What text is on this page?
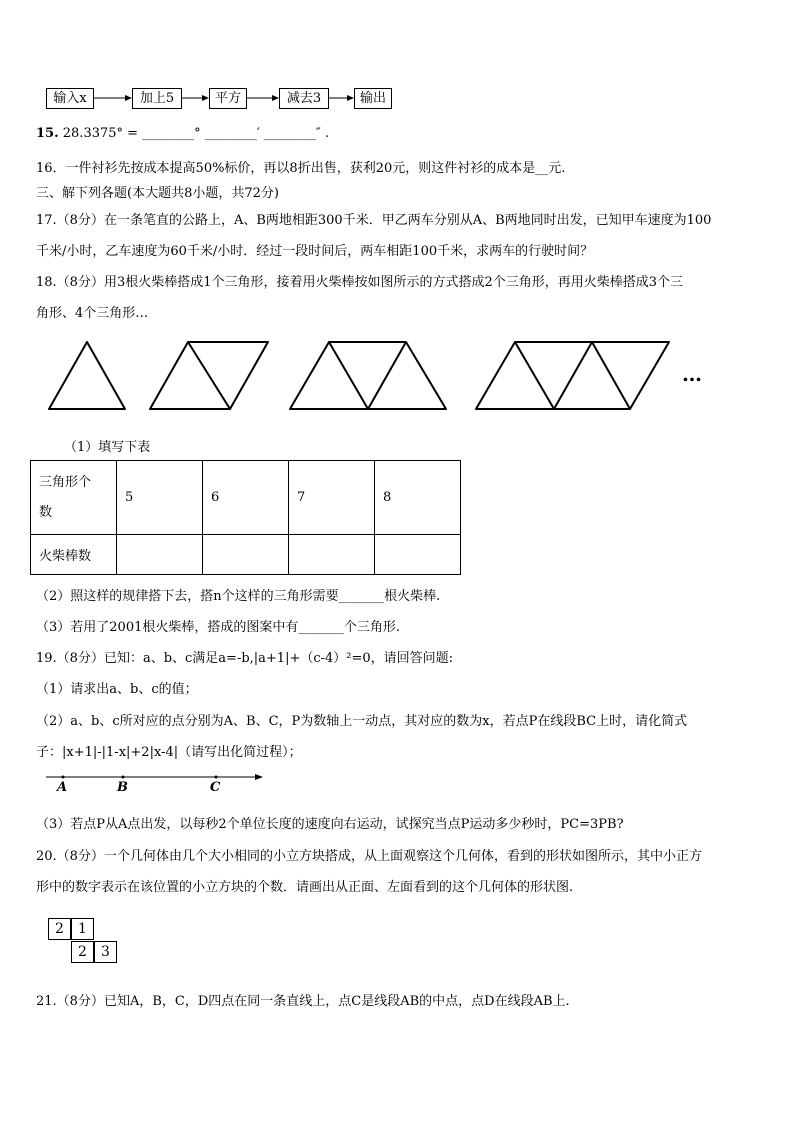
输入x	加上5	平方	减去3	输出
15. 28.3375° = ________° ________′ ________″ .
16．一件衬衫先按成本提高50%标价，再以8折出售，获利20元，则这件衬衫的成本是__元.
三、解下列各题(本大题共8小题，共72分)
17.（8分）在一条笔直的公路上，A、B两地相距300千米．甲乙两车分别从A、B两地同时出发，已知甲车速度为100
千米/小时，乙车速度为60千米/小时．经过一段时间后，两车相距100千米，求两车的行驶时间？
18.（8分）用3根火柴棒搭成1个三角形，接着用火柴棒按如图所示的方式搭成2个三角形，再用火柴棒搭成3个三
角形、4个三角形…
…
（1）填写下表
三角形个
数	5	6	7	8
火柴棒数				
（2）照这样的规律搭下去，搭n个这样的三角形需要_______根火柴棒.
（3）若用了2001根火柴棒，搭成的图案中有_______个三角形.
19.（8分）已知：a、b、c满足a=-b,|a+1|+（c-4）²=0，请回答问题:
（1）请求出a、b、c的值；
（2）a、b、c所对应的点分别为A、B、C，P为数轴上一动点，其对应的数为x，若点P在线段BC上时，请化简式
子：|x+1|-|1-x|+2|x-4|（请写出化简过程）；
A	B	C
（3）若点P从A点出发，以每秒2个单位长度的速度向右运动，试探究当点P运动多少秒时，PC=3PB?
20.（8分）一个几何体由几个大小相同的小立方块搭成，从上面观察这个几何体，看到的形状如图所示，其中小正方
形中的数字表示在该位置的小立方块的个数．请画出从正面、左面看到的这个几何体的形状图.
2	1
2	3
21.（8分）已知A，B，C，D四点在同一条直线上，点C是线段AB的中点，点D在线段AB上.
